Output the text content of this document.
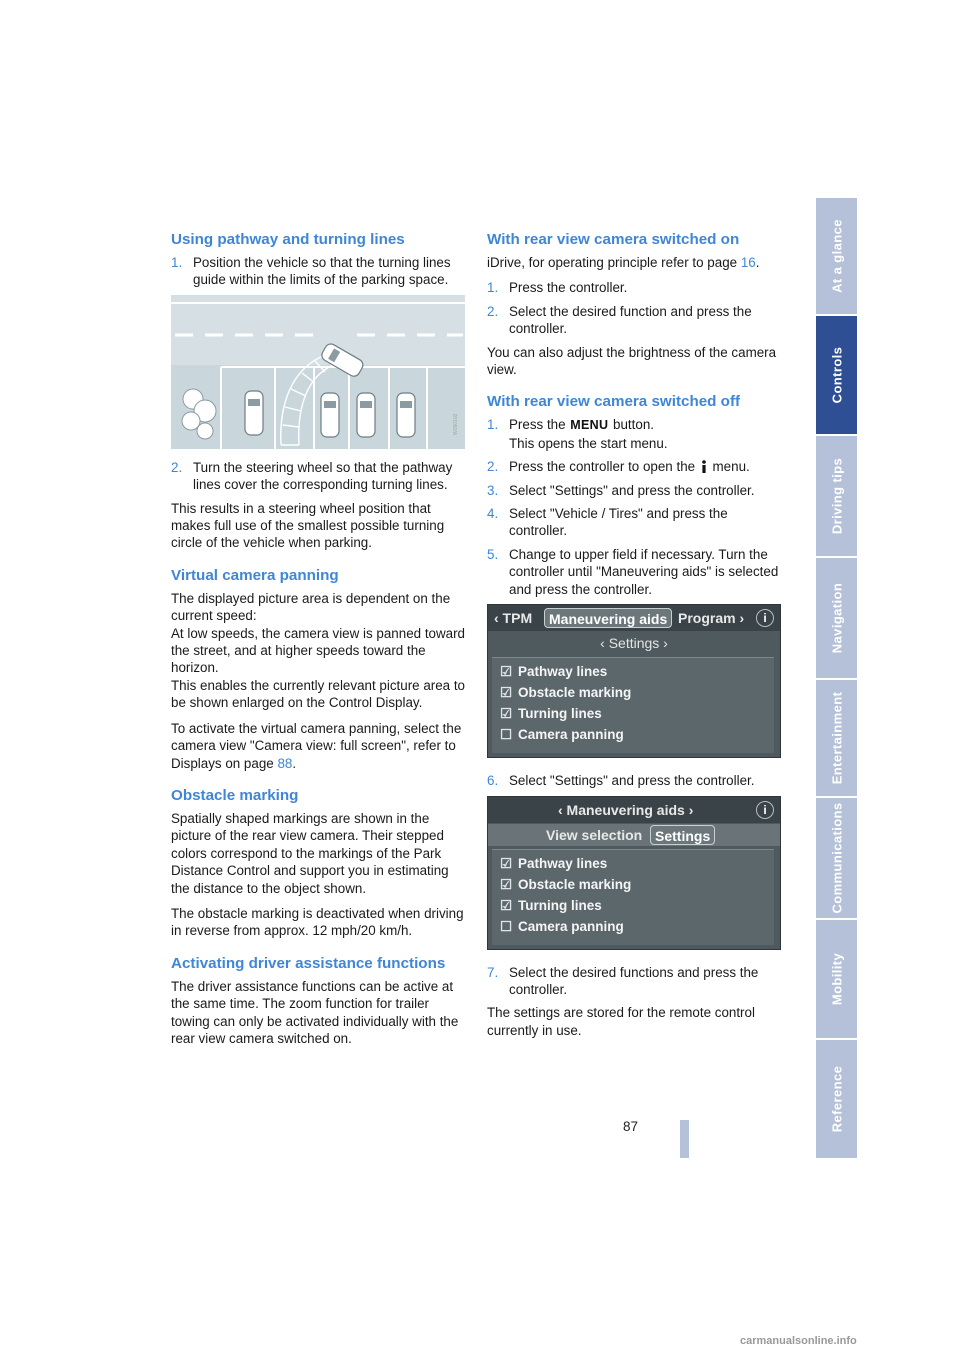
Using pathway and turning lines
1. Position the vehicle so that the turning lines guide within the limits of the parking space.
W090102
2. Turn the steering wheel so that the pathway lines cover the corresponding turning lines.

This results in a steering wheel position that makes full use of the smallest possible turning circle of the vehicle when parking.

Virtual camera panning

The displayed picture area is dependent on the current speed:
At low speeds, the camera view is panned toward the street, and at higher speeds toward the horizon.
This enables the currently relevant picture area to be shown enlarged on the Control Display.

To activate the virtual camera panning, select the camera view "Camera view: full screen", refer to Displays on page 88.

Obstacle marking

Spatially shaped markings are shown in the picture of the rear view camera. Their stepped colors correspond to the markings of the Park Distance Control and support you in estimating the distance to the object shown.

The obstacle marking is deactivated when driving in reverse from approx. 12 mph/20 km/h.

Activating driver assistance functions

The driver assistance functions can be active at the same time. The zoom function for trailer towing can only be activated individually with the rear view camera switched on.

With rear view camera switched on

iDrive, for operating principle refer to page 16.

1. Press the controller.
2. Select the desired function and press the controller.

You can also adjust the brightness of the camera view.

With rear view camera switched off
1. Press the MENU button.
This opens the start menu.
2. Press the controller to open the  menu.
3. Select "Settings" and press the controller.
4. Select "Vehicle / Tires" and press the controller.
5. Change to upper field if necessary. Turn the controller until "Maneuvering aids" is selected and press the controller.
‹ TPM	Maneuvering aids Program ›	i
‹ Settings ›
☑ Pathway lines
☑ Obstacle marking
☑ Turning lines
☐ Camera panning
6. Select "Settings" and press the controller.
‹ Maneuvering aids ›	i
View selection Settings
☑ Pathway lines
☑ Obstacle marking
☑ Turning lines
☐ Camera panning
7. Select the desired functions and press the controller.

The settings are stored for the remote control currently in use.

At a glance
Controls
Driving tips
Navigation
Entertainment
Communications
Mobility
Reference
87
carmanualsonline.info
